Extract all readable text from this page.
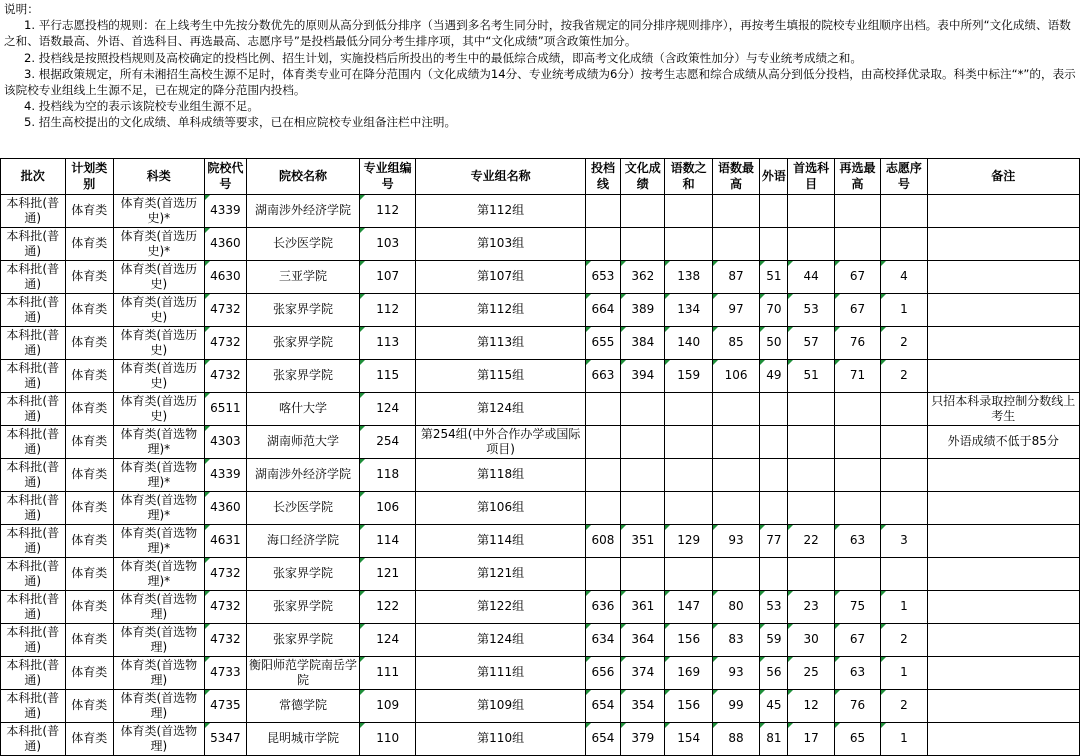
说明：
1. 平行志愿投档的规则：在上线考生中先按分数优先的原则从高分到低分排序（当遇到多名考生同分时，按我省规定的同分排序规则排序），再按考生填报的院校专业组顺序出档。表中所列“文化成绩、语数
之和、语数最高、外语、首选科目、再选最高、志愿序号”是投档最低分同分考生排序项，其中“文化成绩”项含政策性加分。
2. 投档线是按照投档规则及高校确定的投档比例、招生计划，实施投档后所投出的考生中的最低综合成绩，即高考文化成绩（含政策性加分）与专业统考成绩之和。
3. 根据政策规定，所有未湘招生高校生源不足时，体育类专业可在降分范围内（文化成绩为14分、专业统考成绩为6分）按考生志愿和综合成绩从高分到低分投档，由高校择优录取。科类中标注“*”的，表示
该院校专业组线上生源不足，已在规定的降分范围内投档。
4. 投档线为空的表示该院校专业组生源不足。
5. 招生高校提出的文化成绩、单科成绩等要求，已在相应院校专业组备注栏中注明。
批次	计划类别	科类	院校代号	院校名称	专业组编号	专业组名称	投档线	文化成绩	语数之和	语数最高	外语	首选科目	再选最高	志愿序号	备注
本科批(普通)	体育类	体育类(首选历史)*	4339	湖南涉外经济学院	112	第112组									
本科批(普通)	体育类	体育类(首选历史)*	4360	长沙医学院	103	第103组									
本科批(普通)	体育类	体育类(首选历史)	4630	三亚学院	107	第107组	653	362	138	87	51	44	67	4	
本科批(普通)	体育类	体育类(首选历史)	4732	张家界学院	112	第112组	664	389	134	97	70	53	67	1	
本科批(普通)	体育类	体育类(首选历史)	4732	张家界学院	113	第113组	655	384	140	85	50	57	76	2	
本科批(普通)	体育类	体育类(首选历史)	4732	张家界学院	115	第115组	663	394	159	106	49	51	71	2	
本科批(普通)	体育类	体育类(首选历史)	6511	喀什大学	124	第124组									只招本科录取控制分数线上考生
本科批(普通)	体育类	体育类(首选物理)*	4303	湖南师范大学	254	第254组(中外合作办学或国际项目)									外语成绩不低于85分
本科批(普通)	体育类	体育类(首选物理)*	4339	湖南涉外经济学院	118	第118组									
本科批(普通)	体育类	体育类(首选物理)*	4360	长沙医学院	106	第106组									
本科批(普通)	体育类	体育类(首选物理)*	4631	海口经济学院	114	第114组	608	351	129	93	77	22	63	3	
本科批(普通)	体育类	体育类(首选物理)*	4732	张家界学院	121	第121组									
本科批(普通)	体育类	体育类(首选物理)	4732	张家界学院	122	第122组	636	361	147	80	53	23	75	1	
本科批(普通)	体育类	体育类(首选物理)	4732	张家界学院	124	第124组	634	364	156	83	59	30	67	2	
本科批(普通)	体育类	体育类(首选物理)	4733	衡阳师范学院南岳学院	111	第111组	656	374	169	93	56	25	63	1	
本科批(普通)	体育类	体育类(首选物理)	4735	常德学院	109	第109组	654	354	156	99	45	12	76	2	
本科批(普通)	体育类	体育类(首选物理)	5347	昆明城市学院	110	第110组	654	379	154	88	81	17	65	1	
